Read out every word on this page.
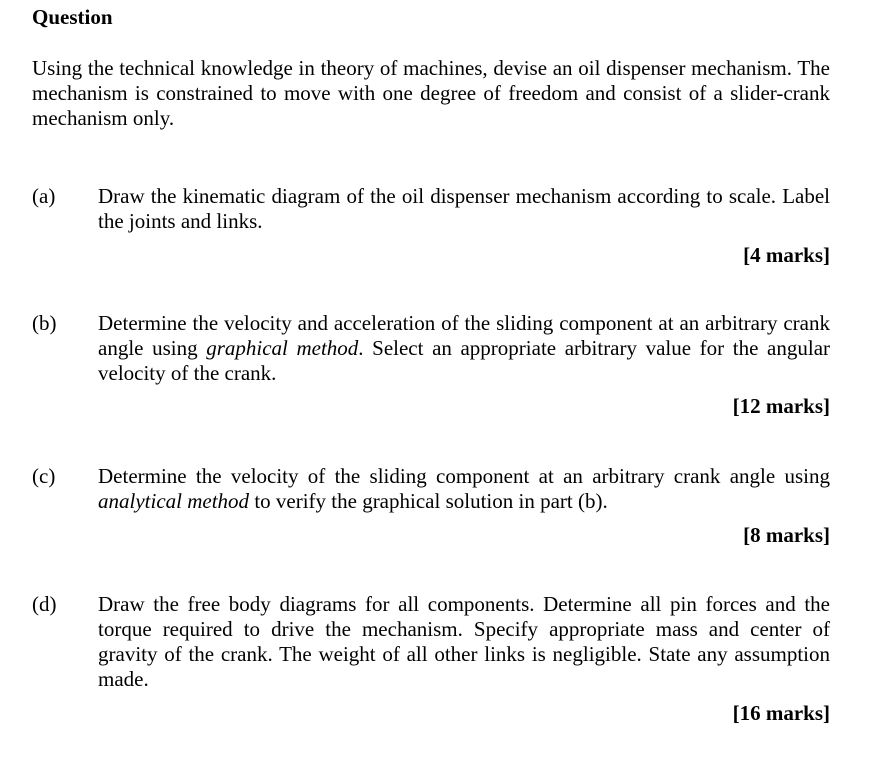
Question
Using the technical knowledge in theory of machines, devise an oil dispenser mechanism. The mechanism is constrained to move with one degree of freedom and consist of a slider-crank mechanism only.
(a) Draw the kinematic diagram of the oil dispenser mechanism according to scale. Label the joints and links.
[4 marks]
(b) Determine the velocity and acceleration of the sliding component at an arbitrary crank angle using graphical method. Select an appropriate arbitrary value for the angular velocity of the crank.
[12 marks]
(c) Determine the velocity of the sliding component at an arbitrary crank angle using analytical method to verify the graphical solution in part (b).
[8 marks]
(d) Draw the free body diagrams for all components. Determine all pin forces and the torque required to drive the mechanism. Specify appropriate mass and center of gravity of the crank. The weight of all other links is negligible. State any assumption made.
[16 marks]
